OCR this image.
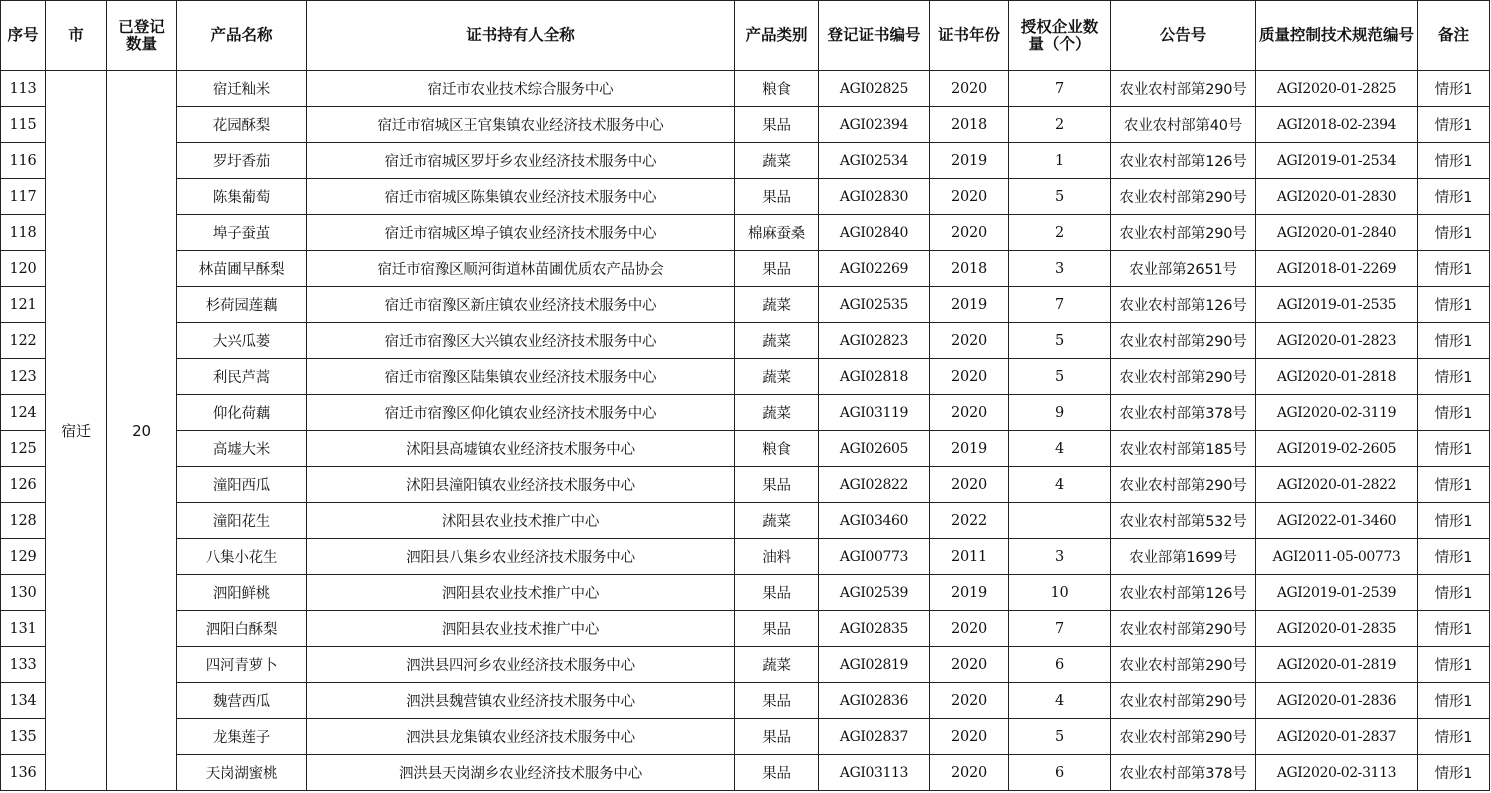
序号	市	已登记数量	产品名称	证书持有人全称	产品类别	登记证书编号	证书年份	授权企业数量（个）	公告号	质量控制技术规范编号	备注
113	宿迁	20	宿迁籼米	宿迁市农业技术综合服务中心	粮食	AGI02825	2020	7	农业农村部第290号	AGI2020-01-2825	情形1
115			花园酥梨	宿迁市宿城区王官集镇农业经济技术服务中心	果品	AGI02394	2018	2	农业农村部第40号	AGI2018-02-2394	情形1
116			罗圩香茄	宿迁市宿城区罗圩乡农业经济技术服务中心	蔬菜	AGI02534	2019	1	农业农村部第126号	AGI2019-01-2534	情形1
117			陈集葡萄	宿迁市宿城区陈集镇农业经济技术服务中心	果品	AGI02830	2020	5	农业农村部第290号	AGI2020-01-2830	情形1
118			埠子蚕茧	宿迁市宿城区埠子镇农业经济技术服务中心	棉麻蚕桑	AGI02840	2020	2	农业农村部第290号	AGI2020-01-2840	情形1
120			林苗圃早酥梨	宿迁市宿豫区顺河街道林苗圃优质农产品协会	果品	AGI02269	2018	3	农业部第2651号	AGI2018-01-2269	情形1
121			杉荷园莲藕	宿迁市宿豫区新庄镇农业经济技术服务中心	蔬菜	AGI02535	2019	7	农业农村部第126号	AGI2019-01-2535	情形1
122			大兴瓜蒌	宿迁市宿豫区大兴镇农业经济技术服务中心	蔬菜	AGI02823	2020	5	农业农村部第290号	AGI2020-01-2823	情形1
123			利民芦蒿	宿迁市宿豫区陆集镇农业经济技术服务中心	蔬菜	AGI02818	2020	5	农业农村部第290号	AGI2020-01-2818	情形1
124			仰化荷藕	宿迁市宿豫区仰化镇农业经济技术服务中心	蔬菜	AGI03119	2020	9	农业农村部第378号	AGI2020-02-3119	情形1
125			高墟大米	沭阳县高墟镇农业经济技术服务中心	粮食	AGI02605	2019	4	农业农村部第185号	AGI2019-02-2605	情形1
126			潼阳西瓜	沭阳县潼阳镇农业经济技术服务中心	果品	AGI02822	2020	4	农业农村部第290号	AGI2020-01-2822	情形1
128			潼阳花生	沭阳县农业技术推广中心	蔬菜	AGI03460	2022		农业农村部第532号	AGI2022-01-3460	情形1
129			八集小花生	泗阳县八集乡农业经济技术服务中心	油料	AGI00773	2011	3	农业部第1699号	AGI2011-05-00773	情形1
130			泗阳鲜桃	泗阳县农业技术推广中心	果品	AGI02539	2019	10	农业农村部第126号	AGI2019-01-2539	情形1
131			泗阳白酥梨	泗阳县农业技术推广中心	果品	AGI02835	2020	7	农业农村部第290号	AGI2020-01-2835	情形1
133			四河青萝卜	泗洪县四河乡农业经济技术服务中心	蔬菜	AGI02819	2020	6	农业农村部第290号	AGI2020-01-2819	情形1
134			魏营西瓜	泗洪县魏营镇农业经济技术服务中心	果品	AGI02836	2020	4	农业农村部第290号	AGI2020-01-2836	情形1
135			龙集莲子	泗洪县龙集镇农业经济技术服务中心	果品	AGI02837	2020	5	农业农村部第290号	AGI2020-01-2837	情形1
136			天岗湖蜜桃	泗洪县天岗湖乡农业经济技术服务中心	果品	AGI03113	2020	6	农业农村部第378号	AGI2020-02-3113	情形1
